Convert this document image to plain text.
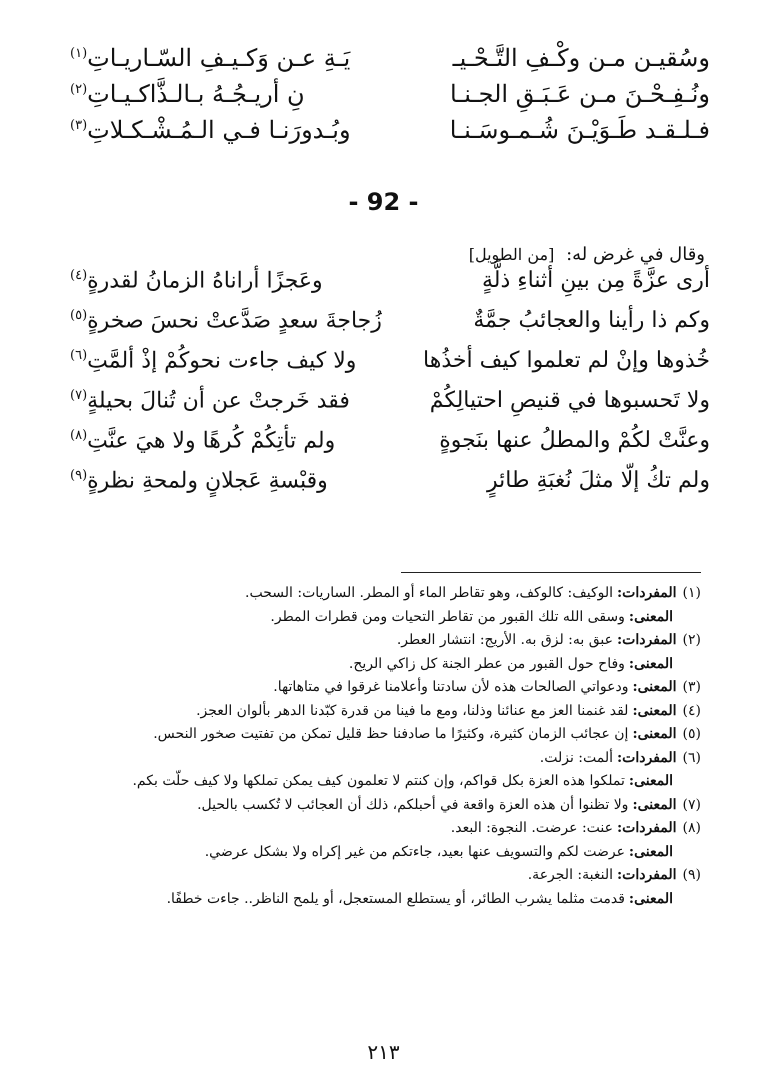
وسُقيـن مـن وكْـفِ التَّـحْـيـ
يَـةِ عـن وَكـيـفِ السّـاريـاتِ$^{(١)}$
ونُـفِـحْـنَ مـن عَـبَـقِ الجـنـا
نِ أريـجُـهُ بـالـذَّاكـيـاتِ$^{(٢)}$
فـلـقـد طَـوَيْـنَ شُـمـوسَـنـا
وبُـدورَنـا فـي الـمُـشْـكـلاتِ$^{(٣)}$
- 92 -
وقال في غرض له: [من الطويل]
أرى عزَّةً مِن بينِ أثناءِ ذلَّةٍ
وعَجزًا أراناهُ الزمانُ لقدرةٍ$^{(٤)}$
وكم ذا رأينا والعجائبُ جمَّةٌ
زُجاجةَ سعدٍ صَدَّعتْ نحسَ صخرةٍ$^{(٥)}$
خُذوها وإنْ لم تعلموا كيف أخذُها
ولا كيف جاءت نحوكُمْ إذْ ألمَّتِ$^{(٦)}$
ولا تَحسبوها في قنيصِ احتيالِكُمْ
فقد خَرجتْ عن أن تُنالَ بحيلةٍ$^{(٧)}$
وعنَّتْ لكُمْ والمطلُ عنها بنَجوةٍ
ولم تأتِكُمْ كُرهًا ولا هيَ عنَّتِ$^{(٨)}$
ولم تكُ إلّا مثلَ نُغبَةِ طائرٍ
وقبْسةِ عَجلانٍ ولمحةِ نظرةٍ$^{(٩)}$
(١)المفردات:الوكيف: كالوكف، وهو تقاطر الماء أو المطر. الساريات: السحب.
المعنى:وسقى الله تلك القبور من تقاطر التحيات ومن قطرات المطر.
(٢)المفردات:عبق به: لزق به. الأريج: انتشار العطر.
المعنى:وفاح حول القبور من عطر الجنة كل زاكي الريح.
(٣)المعنى:ودعواتي الصالحات هذه لأن سادتنا وأعلامنا غرقوا في متاهاتها.
(٤)المعنى:لقد غنمنا العز مع عنائنا وذلنا، ومع ما فينا من قدرة كبّدنا الدهر بألوان العجز.
(٥)المعنى:إن عجائب الزمان كثيرة، وكثيرًا ما صادفنا حظ قليل تمكن من تفتيت صخور النحس.
(٦)المفردات:ألمت: نزلت.
المعنى:تملكوا هذه العزة بكل قواكم، وإن كنتم لا تعلمون كيف يمكن تملكها ولا كيف حلّت بكم.
(٧)المعنى:ولا تظنوا أن هذه العزة واقعة في أحبلكم، ذلك أن العجائب لا تُكسب بالحيل.
(٨)المفردات:عنت: عرضت. النجوة: البعد.
المعنى:عرضت لكم والتسويف عنها بعيد، جاءتكم من غير إكراه ولا بشكل عرضي.
(٩)المفردات:النغبة: الجرعة.
المعنى:قدمت مثلما يشرب الطائر، أو يستطلع المستعجل، أو يلمح الناظر.. جاءت خطفًا.
٢١٣
